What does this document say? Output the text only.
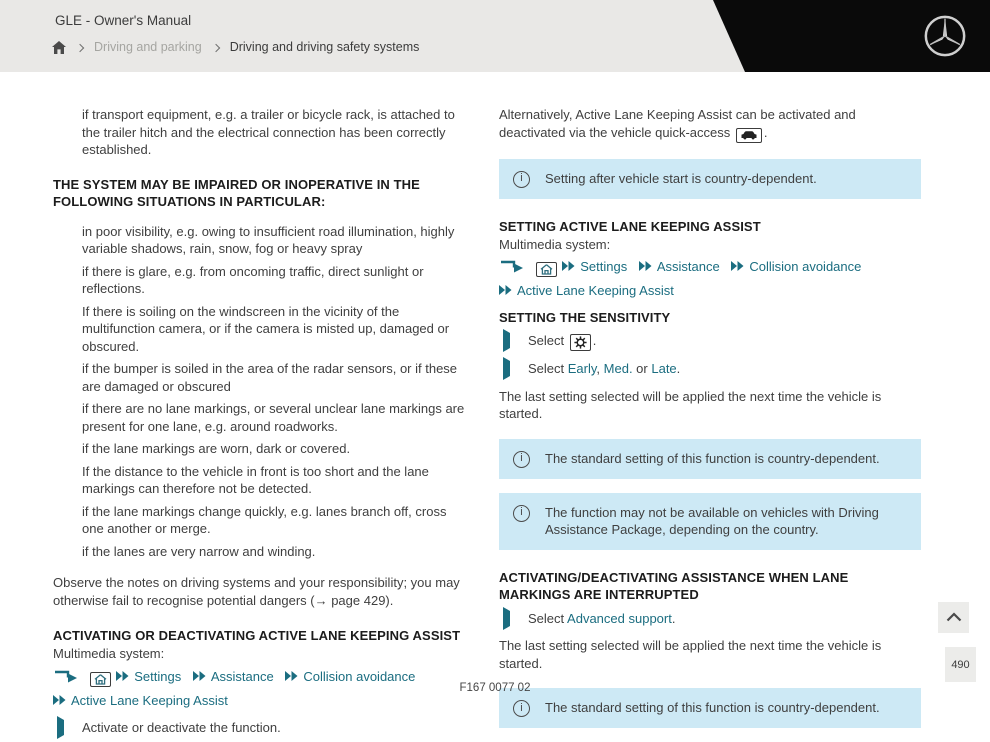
GLE - Owner's Manual
Driving and parking Driving and driving safety systems
if transport equipment, e.g. a trailer or bicycle rack, is attached to the trailer hitch and the electrical connection has been correctly established.
THE SYSTEM MAY BE IMPAIRED OR INOPERATIVE IN THE FOLLOWING SITUATIONS IN PARTICULAR:
in poor visibility, e.g. owing to insufficient road illumination, highly variable shadows, rain, snow, fog or heavy spray
if there is glare, e.g. from oncoming traffic, direct sunlight or reflections.
If there is soiling on the windscreen in the vicinity of the multifunction camera, or if the camera is misted up, damaged or obscured.
if the bumper is soiled in the area of the radar sensors, or if these are damaged or obscured
if there are no lane markings, or several unclear lane markings are present for one lane, e.g. around roadworks.
if the lane markings are worn, dark or covered.
If the distance to the vehicle in front is too short and the lane markings can therefore not be detected.
if the lane markings change quickly, e.g. lanes branch off, cross one another or merge.
if the lanes are very narrow and winding.

Observe the notes on driving systems and your responsibility; you may otherwise fail to recognise potential dangers (→ page 429).

ACTIVATING OR DEACTIVATING ACTIVE LANE KEEPING ASSIST
Multimedia system:

Settings Assistance Collision avoidance Active Lane Keeping Assist
Activate or deactivate the function.

Alternatively, Active Lane Keeping Assist can be activated and deactivated via the vehicle quick-access	.

i	Setting after vehicle start is country-dependent.
SETTING ACTIVE LANE KEEPING ASSIST
Multimedia system:

Settings Assistance Collision avoidance Active Lane Keeping Assist
SETTING THE SENSITIVITY
Select .
Select Early, Med. or Late.

The last setting selected will be applied the next time the vehicle is started.

i	The standard setting of this function is country-dependent.
i	The function may not be available on vehicles with Driving Assistance Package, depending on the country.
ACTIVATING/DEACTIVATING ASSISTANCE WHEN LANE MARKINGS ARE INTERRUPTED
Select Advanced support.

The last setting selected will be applied the next time the vehicle is started.

i	The standard setting of this function is country-dependent.
490
F167 0077 02
